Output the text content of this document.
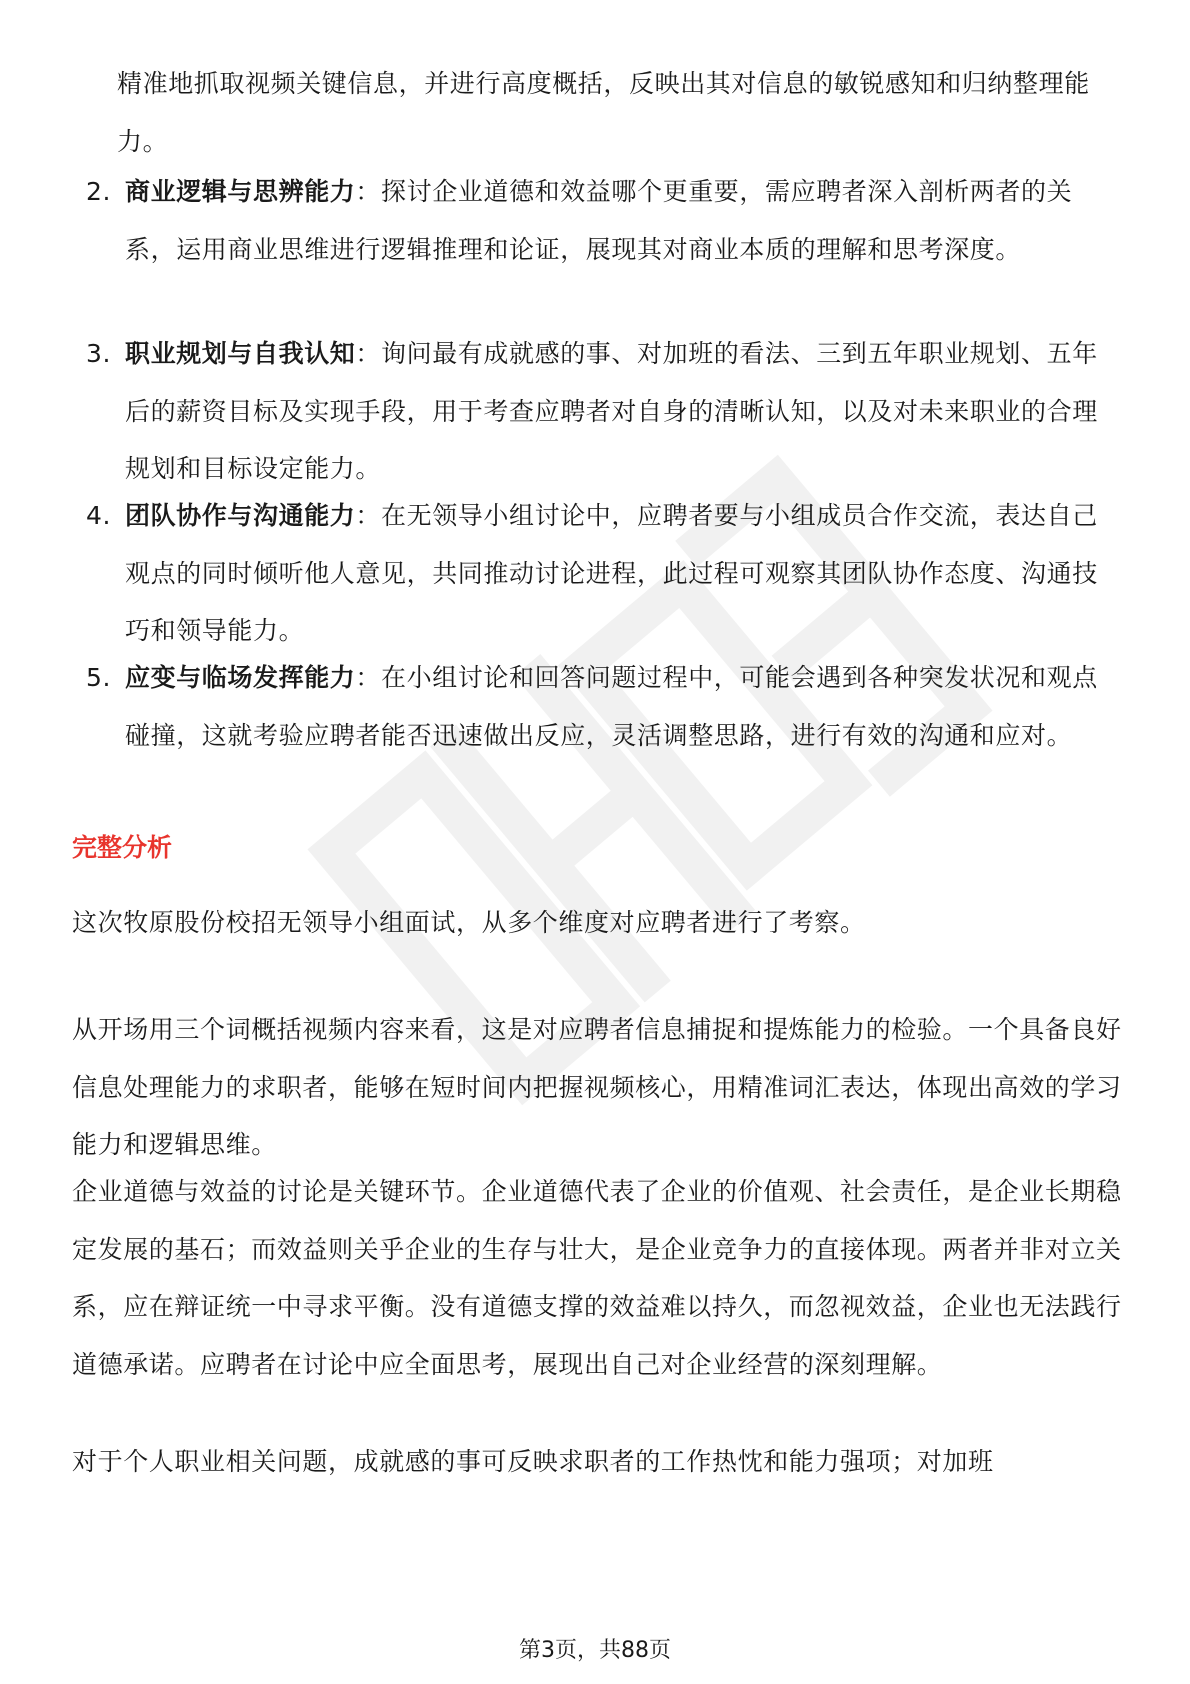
精准地抓取视频关键信息，并进行高度概括，反映出其对信息的敏锐感知和归纳整理能力。
2. 商业逻辑与思辨能力：探讨企业道德和效益哪个更重要，需应聘者深入剖析两者的关系，运用商业思维进行逻辑推理和论证，展现其对商业本质的理解和思考深度。
3. 职业规划与自我认知：询问最有成就感的事、对加班的看法、三到五年职业规划、五年后的薪资目标及实现手段，用于考查应聘者对自身的清晰认知，以及对未来职业的合理规划和目标设定能力。
4. 团队协作与沟通能力：在无领导小组讨论中，应聘者要与小组成员合作交流，表达自己观点的同时倾听他人意见，共同推动讨论进程，此过程可观察其团队协作态度、沟通技巧和领导能力。
5. 应变与临场发挥能力：在小组讨论和回答问题过程中，可能会遇到各种突发状况和观点碰撞，这就考验应聘者能否迅速做出反应，灵活调整思路，进行有效的沟通和应对。
完整分析
这次牧原股份校招无领导小组面试，从多个维度对应聘者进行了考察。
从开场用三个词概括视频内容来看，这是对应聘者信息捕捉和提炼能力的检验。一个具备良好信息处理能力的求职者，能够在短时间内把握视频核心，用精准词汇表达，体现出高效的学习能力和逻辑思维。
企业道德与效益的讨论是关键环节。企业道德代表了企业的价值观、社会责任，是企业长期稳定发展的基石；而效益则关乎企业的生存与壮大，是企业竞争力的直接体现。两者并非对立关系，应在辩证统一中寻求平衡。没有道德支撑的效益难以持久，而忽视效益，企业也无法践行道德承诺。应聘者在讨论中应全面思考，展现出自己对企业经营的深刻理解。
对于个人职业相关问题，成就感的事可反映求职者的工作热忱和能力强项；对加班
第3页，共88页
